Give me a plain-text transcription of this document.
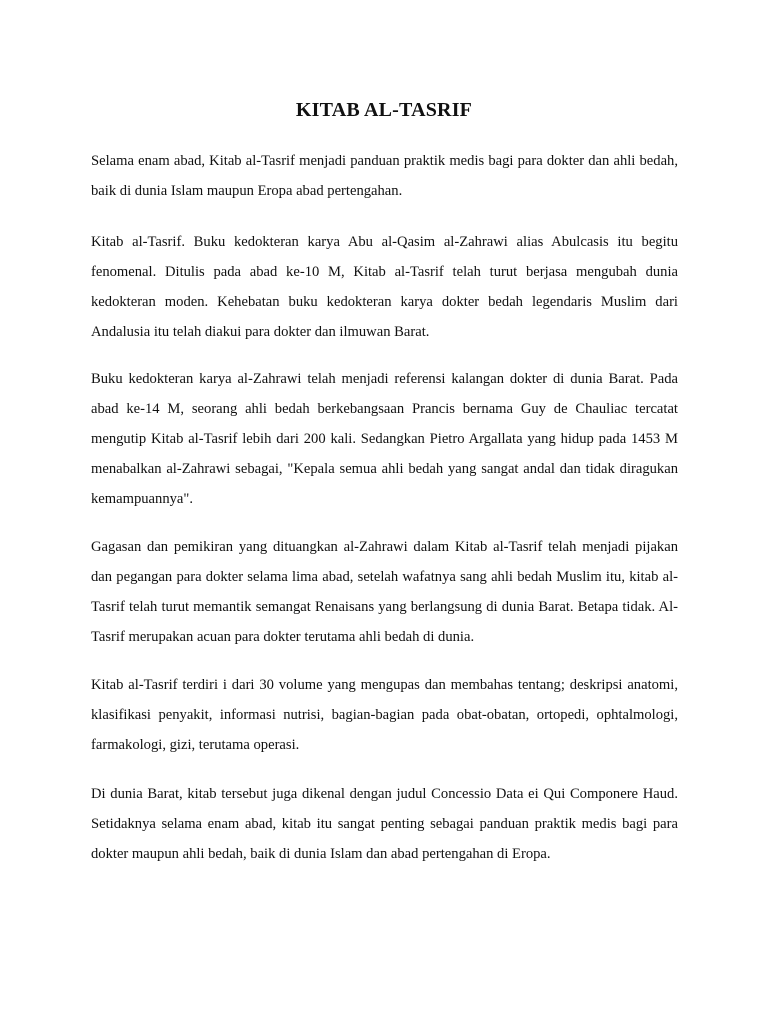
KITAB AL-TASRIF

Selama enam abad, Kitab al-Tasrif menjadi panduan praktik medis bagi para dokter dan ahli bedah, baik di dunia Islam maupun Eropa abad pertengahan.

Kitab al-Tasrif. Buku kedokteran karya Abu al-Qasim al-Zahrawi alias Abulcasis itu begitu fenomenal. Ditulis pada abad ke-10 M, Kitab al-Tasrif telah turut berjasa mengubah dunia kedokteran moden. Kehebatan buku kedokteran karya dokter bedah legendaris Muslim dari Andalusia itu telah diakui para dokter dan ilmuwan Barat.

Buku kedokteran karya al-Zahrawi telah menjadi referensi kalangan dokter di dunia Barat. Pada abad ke-14 M, seorang ahli bedah berkebangsaan Prancis bernama Guy de Chauliac tercatat mengutip Kitab al-Tasrif lebih dari 200 kali. Sedangkan Pietro Argallata yang hidup pada 1453 M menabalkan al-Zahrawi sebagai, "Kepala semua ahli bedah yang sangat andal dan tidak diragukan kemampuannya".

Gagasan dan pemikiran yang dituangkan al-Zahrawi dalam Kitab al-Tasrif telah menjadi pijakan dan pegangan para dokter selama lima abad, setelah wafatnya sang ahli bedah Muslim itu, kitab al-Tasrif telah turut memantik semangat Renaisans yang berlangsung di dunia Barat. Betapa tidak. Al-Tasrif merupakan acuan para dokter terutama ahli bedah di dunia.

Kitab al-Tasrif terdiri i dari 30 volume yang mengupas dan membahas tentang; deskripsi anatomi, klasifikasi penyakit, informasi nutrisi, bagian-bagian pada obat-obatan, ortopedi, ophtalmologi, farmakologi, gizi, terutama operasi.

Di dunia Barat, kitab tersebut juga dikenal dengan judul Concessio Data ei Qui Componere Haud. Setidaknya selama enam abad, kitab itu sangat penting sebagai panduan praktik medis bagi para dokter maupun ahli bedah, baik di dunia Islam dan abad pertengahan di Eropa.
